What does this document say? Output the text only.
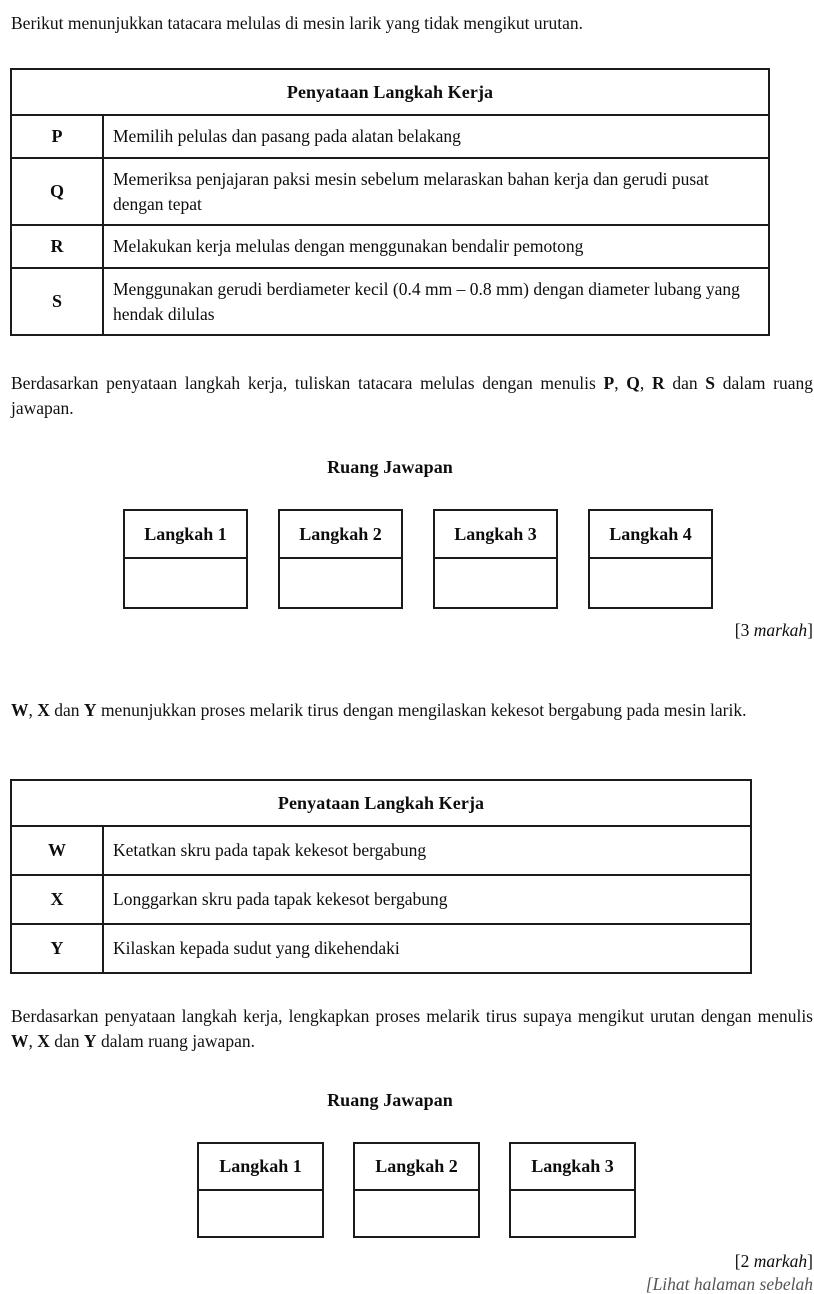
Berikut menunjukkan tatacara melulas di mesin larik yang tidak mengikut urutan.
Penyataan Langkah Kerja	
P	Memilih pelulas dan pasang pada alatan belakang
Q	Memeriksa penjajaran paksi mesin sebelum melaraskan bahan kerja dan gerudi pusat dengan tepat
R	Melakukan kerja melulas dengan menggunakan bendalir pemotong
S	Menggunakan gerudi berdiameter kecil (0.4 mm – 0.8 mm) dengan diameter lubang yang hendak dilulas
Berdasarkan penyataan langkah kerja, tuliskan tatacara melulas dengan menulis P, Q, R dan S dalam ruang jawapan.
Ruang Jawapan
Langkah 1	Langkah 2	Langkah 3	Langkah 4
[3 markah]
W, X dan Y menunjukkan proses melarik tirus dengan mengilaskan kekesot bergabung pada mesin larik.
Penyataan Langkah Kerja	
W	Ketatkan skru pada tapak kekesot bergabung
X	Longgarkan skru pada tapak kekesot bergabung
Y	Kilaskan kepada sudut yang dikehendaki
Berdasarkan penyataan langkah kerja, lengkapkan proses melarik tirus supaya mengikut urutan dengan menulis W, X dan Y dalam ruang jawapan.
Ruang Jawapan
Langkah 1	Langkah 2	Langkah 3
[2 markah]
[Lihat halaman sebelah
